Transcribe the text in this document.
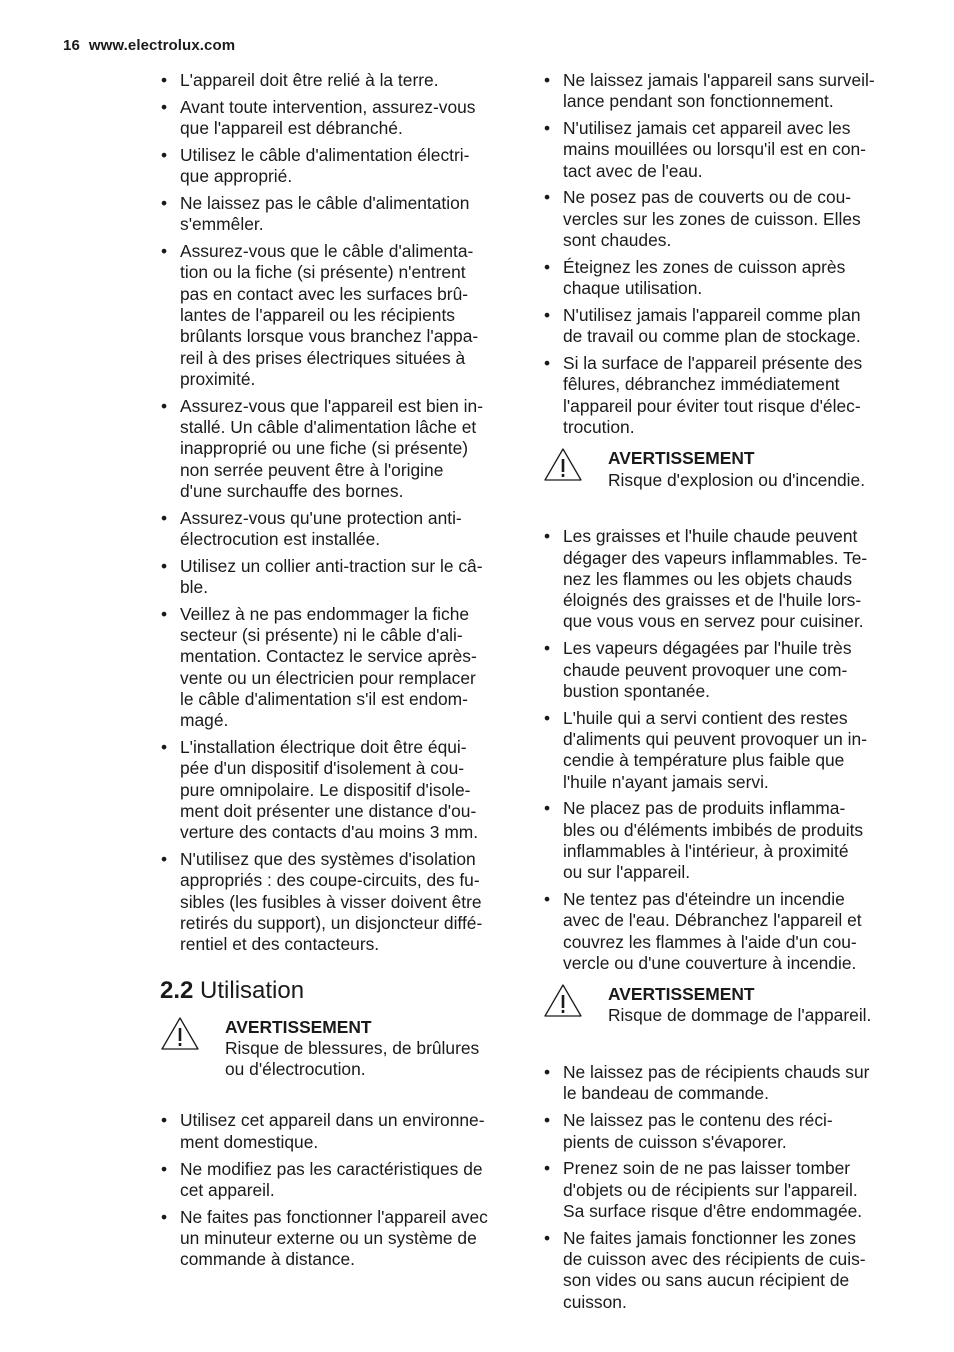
16 www.electrolux.com
• L'appareil doit être relié à la terre.
• Avant toute intervention, assurez-vous
que l'appareil est débranché.
• Utilisez le câble d'alimentation électri-
que approprié.
• Ne laissez pas le câble d'alimentation
s'emmêler.
• Assurez-vous que le câble d'alimenta-
tion ou la fiche (si présente) n'entrent
pas en contact avec les surfaces brû-
lantes de l'appareil ou les récipients
brûlants lorsque vous branchez l'appa-
reil à des prises électriques situées à
proximité.
• Assurez-vous que l'appareil est bien in-
stallé. Un câble d'alimentation lâche et
inapproprié ou une fiche (si présente)
non serrée peuvent être à l'origine
d'une surchauffe des bornes.
• Assurez-vous qu'une protection anti-
électrocution est installée.
• Utilisez un collier anti-traction sur le câ-
ble.
• Veillez à ne pas endommager la fiche
secteur (si présente) ni le câble d'ali-
mentation. Contactez le service après-
vente ou un électricien pour remplacer
le câble d'alimentation s'il est endom-
magé.
• L'installation électrique doit être équi-
pée d'un dispositif d'isolement à cou-
pure omnipolaire. Le dispositif d'isole-
ment doit présenter une distance d'ou-
verture des contacts d'au moins 3 mm.
• N'utilisez que des systèmes d'isolation
appropriés : des coupe-circuits, des fu-
sibles (les fusibles à visser doivent être
retirés du support), un disjoncteur diffé-
rentiel et des contacteurs.
2.2 Utilisation
AVERTISSEMENT
Risque de blessures, de brûlures
ou d'électrocution.
• Utilisez cet appareil dans un environne-
ment domestique.
• Ne modifiez pas les caractéristiques de
cet appareil.
• Ne faites pas fonctionner l'appareil avec
un minuteur externe ou un système de
commande à distance.
• Ne laissez jamais l'appareil sans surveil-
lance pendant son fonctionnement.
• N'utilisez jamais cet appareil avec les
mains mouillées ou lorsqu'il est en con-
tact avec de l'eau.
• Ne posez pas de couverts ou de cou-
vercles sur les zones de cuisson. Elles
sont chaudes.
• Éteignez les zones de cuisson après
chaque utilisation.
• N'utilisez jamais l'appareil comme plan
de travail ou comme plan de stockage.
• Si la surface de l'appareil présente des
fêlures, débranchez immédiatement
l'appareil pour éviter tout risque d'élec-
trocution.
AVERTISSEMENT
Risque d'explosion ou d'incendie.
• Les graisses et l'huile chaude peuvent
dégager des vapeurs inflammables. Te-
nez les flammes ou les objets chauds
éloignés des graisses et de l'huile lors-
que vous vous en servez pour cuisiner.
• Les vapeurs dégagées par l'huile très
chaude peuvent provoquer une com-
bustion spontanée.
• L'huile qui a servi contient des restes
d'aliments qui peuvent provoquer un in-
cendie à température plus faible que
l'huile n'ayant jamais servi.
• Ne placez pas de produits inflamma-
bles ou d'éléments imbibés de produits
inflammables à l'intérieur, à proximité
ou sur l'appareil.
• Ne tentez pas d'éteindre un incendie
avec de l'eau. Débranchez l'appareil et
couvrez les flammes à l'aide d'un cou-
vercle ou d'une couverture à incendie.
AVERTISSEMENT
Risque de dommage de l'appareil.
• Ne laissez pas de récipients chauds sur
le bandeau de commande.
• Ne laissez pas le contenu des réci-
pients de cuisson s'évaporer.
• Prenez soin de ne pas laisser tomber
d'objets ou de récipients sur l'appareil.
Sa surface risque d'être endommagée.
• Ne faites jamais fonctionner les zones
de cuisson avec des récipients de cuis-
son vides ou sans aucun récipient de
cuisson.
